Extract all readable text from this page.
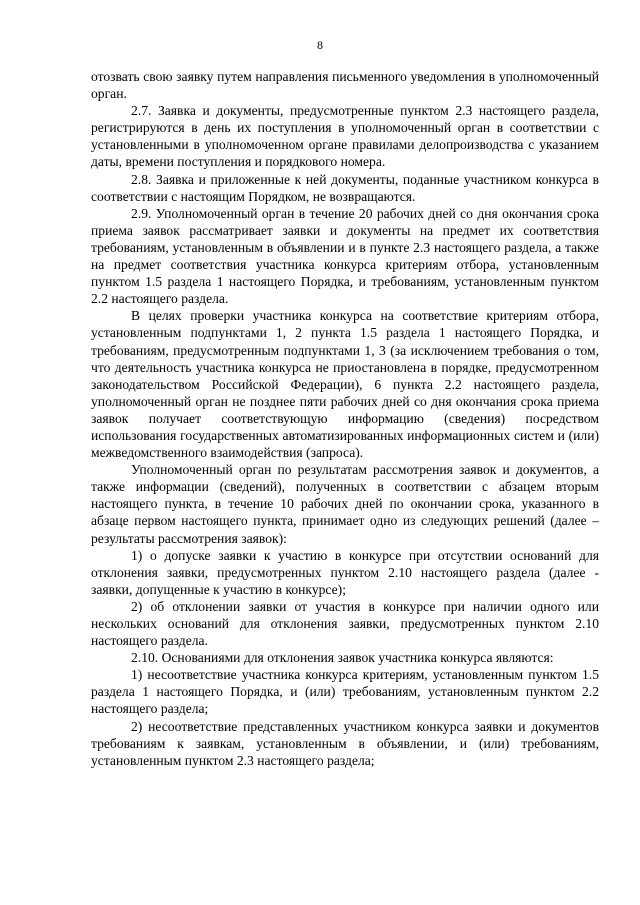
8

отозвать свою заявку путем направления письменного уведомления в уполномоченный орган.

2.7. Заявка и документы, предусмотренные пунктом 2.3 настоящего раздела, регистрируются в день их поступления в уполномоченный орган в соответствии с установленными в уполномоченном органе правилами делопроизводства с указанием даты, времени поступления и порядкового номера.

2.8. Заявка и приложенные к ней документы, поданные участником конкурса в соответствии с настоящим Порядком, не возвращаются.

2.9. Уполномоченный орган в течение 20 рабочих дней со дня окончания срока приема заявок рассматривает заявки и документы на предмет их соответствия требованиям, установленным в объявлении и в пункте 2.3 настоящего раздела, а также на предмет соответствия участника конкурса критериям отбора, установленным пунктом 1.5 раздела 1 настоящего Порядка, и требованиям, установленным пунктом 2.2 настоящего раздела.

В целях проверки участника конкурса на соответствие критериям отбора, установленным подпунктами 1, 2 пункта 1.5 раздела 1 настоящего Порядка, и требованиям, предусмотренным подпунктами 1, 3 (за исключением требования о том, что деятельность участника конкурса не приостановлена в порядке, предусмотренном законодательством Российской Федерации), 6 пункта 2.2 настоящего раздела, уполномоченный орган не позднее пяти рабочих дней со дня окончания срока приема заявок получает соответствующую информацию (сведения) посредством использования государственных автоматизированных информационных систем и (или) межведомственного взаимодействия (запроса).

Уполномоченный орган по результатам рассмотрения заявок и документов, а также информации (сведений), полученных в соответствии с абзацем вторым настоящего пункта, в течение 10 рабочих дней по окончании срока, указанного в абзаце первом настоящего пункта, принимает одно из следующих решений (далее – результаты рассмотрения заявок):

1) о допуске заявки к участию в конкурсе при отсутствии оснований для отклонения заявки, предусмотренных пунктом 2.10 настоящего раздела (далее - заявки, допущенные к участию в конкурсе);

2) об отклонении заявки от участия в конкурсе при наличии одного или нескольких оснований для отклонения заявки, предусмотренных пунктом 2.10 настоящего раздела.

2.10. Основаниями для отклонения заявок участника конкурса являются:

1) несоответствие участника конкурса критериям, установленным пунктом 1.5 раздела 1 настоящего Порядка, и (или) требованиям, установленным пунктом 2.2 настоящего раздела;

2) несоответствие представленных участником конкурса заявки и документов требованиям к заявкам, установленным в объявлении, и (или) требованиям, установленным пунктом 2.3 настоящего раздела;
